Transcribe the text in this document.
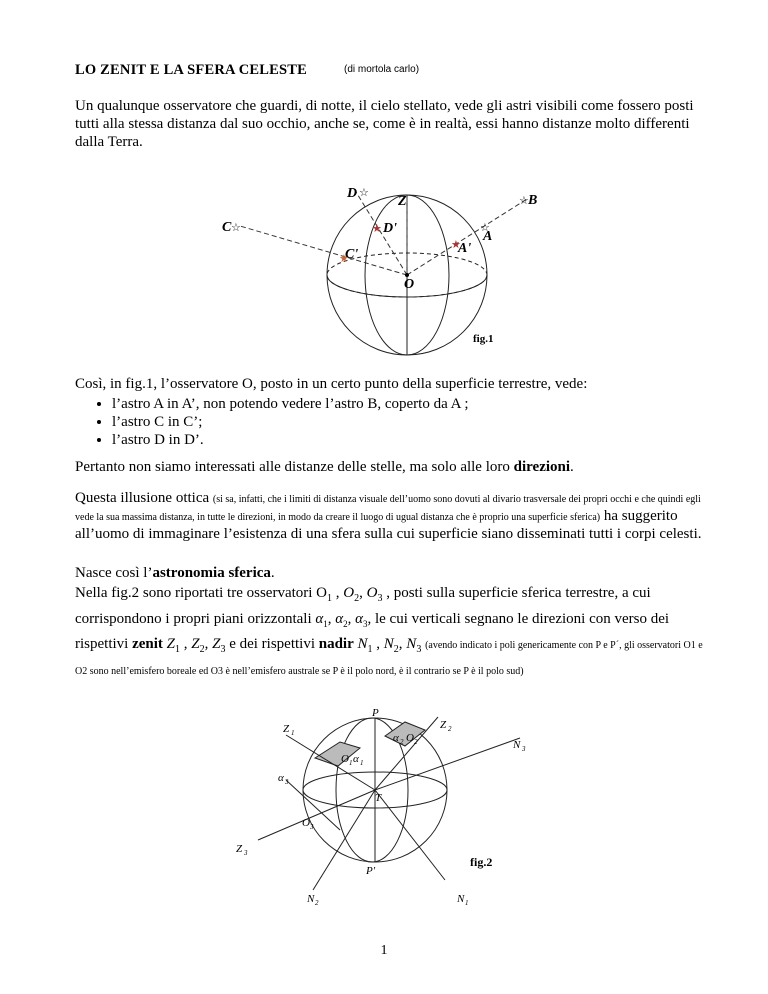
LO ZENIT E LA SFERA CELESTE	(di mortola carlo)
Un qualunque osservatore che guardi, di notte, il cielo stellato, vede gli astri visibili come fossero posti tutti alla stessa distanza dal suo occhio, anche se, come è in realtà, essi hanno distanze molto differenti dalla Terra.
D
Z	B
C	D'
A
A'
C'
O
fig.1
☆
☆
☆	☆
★
★
★
Così, in fig.1, l’osservatore O, posto in un certo punto della superficie terrestre, vede:
• l’astro A in A’, non potendo vedere l’astro B, coperto da A ;
• l’astro C in C’;
• l’astro D in D’.
Pertanto non siamo interessati alle distanze delle stelle, ma solo alle loro direzioni.
Questa illusione ottica (si sa, infatti, che i limiti di distanza visuale dell’uomo sono dovuti al divario trasversale dei propri occhi e che quindi egli vede la sua massima distanza, in tutte le direzioni, in modo da creare il luogo di ugual distanza che è proprio una superficie sferica) ha suggerito all’uomo di immaginare l’esistenza di una sfera sulla cui superficie siano disseminati tutti i corpi celesti.
Nasce così l’astronomia sferica.
Nella fig.2 sono riportati tre osservatori $O_1$ , $O_2$, $O_3$ , posti sulla superficie sferica terrestre, a cui
corrispondono i propri piani orizzontali $\alpha_1$, $\alpha_2$, $\alpha_3$, le cui verticali segnano le direzioni con verso dei rispettivi zenit $Z_1$ , $Z_2$, $Z_3$ e dei rispettivi nadir $N_1$ , $N_2$, $N_3$ (avendo indicato i poli genericamente con P e P´, gli osservatori O1 e O2 sono nell’emisfero boreale ed O3 è nell’emisfero australe se P è il polo nord, è il contrario se P è il polo sud)
Z 1
Z 2
Z 3
P
N 3
O 1 α 1
α 2 O 2
α 3
T
O 3
P'
N 2	N 1
fig.2
1
